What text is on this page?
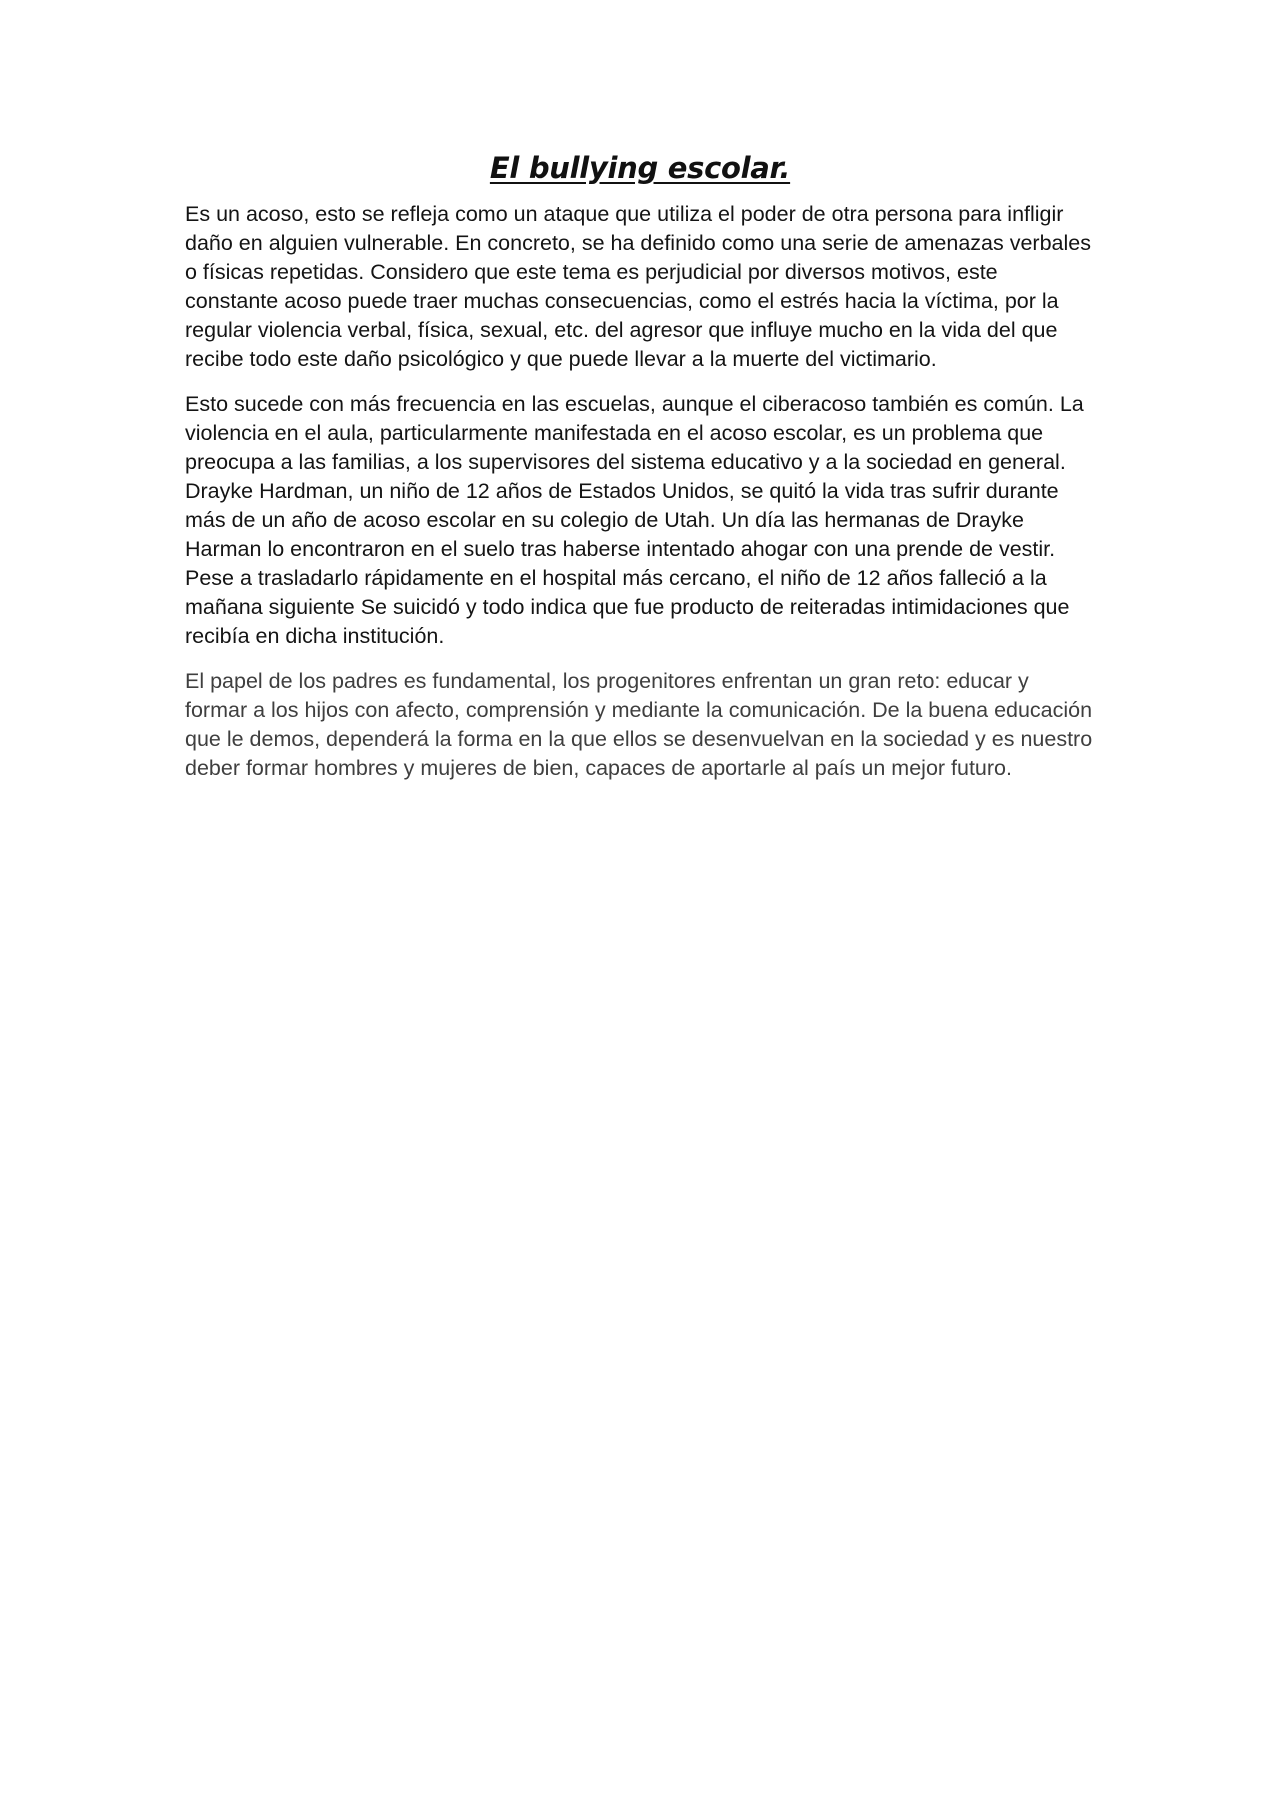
El bullying escolar.

Es un acoso, esto se refleja como un ataque que utiliza el poder de otra persona para infligir daño en alguien vulnerable. En concreto, se ha definido como una serie de amenazas verbales o físicas repetidas. Considero que este tema es perjudicial por diversos motivos, este constante acoso puede traer muchas consecuencias, como el estrés hacia la víctima, por la regular violencia verbal, física, sexual, etc. del agresor que influye mucho en la vida del que recibe todo este daño psicológico y que puede llevar a la muerte del victimario.

Esto sucede con más frecuencia en las escuelas, aunque el ciberacoso también es común. La violencia en el aula, particularmente manifestada en el acoso escolar, es un problema que preocupa a las familias, a los supervisores del sistema educativo y a la sociedad en general. Drayke Hardman, un niño de 12 años de Estados Unidos, se quitó la vida tras sufrir durante más de un año de acoso escolar en su colegio de Utah. Un día las hermanas de Drayke Harman lo encontraron en el suelo tras haberse intentado ahogar con una prende de vestir. Pese a trasladarlo rápidamente en el hospital más cercano, el niño de 12 años falleció a la mañana siguiente Se suicidó y todo indica que fue producto de reiteradas intimidaciones que recibía en dicha institución.

El papel de los padres es fundamental, los progenitores enfrentan un gran reto: educar y formar a los hijos con afecto, comprensión y mediante la comunicación. De la buena educación que le demos, dependerá la forma en la que ellos se desenvuelvan en la sociedad y es nuestro deber formar hombres y mujeres de bien, capaces de aportarle al país un mejor futuro.
